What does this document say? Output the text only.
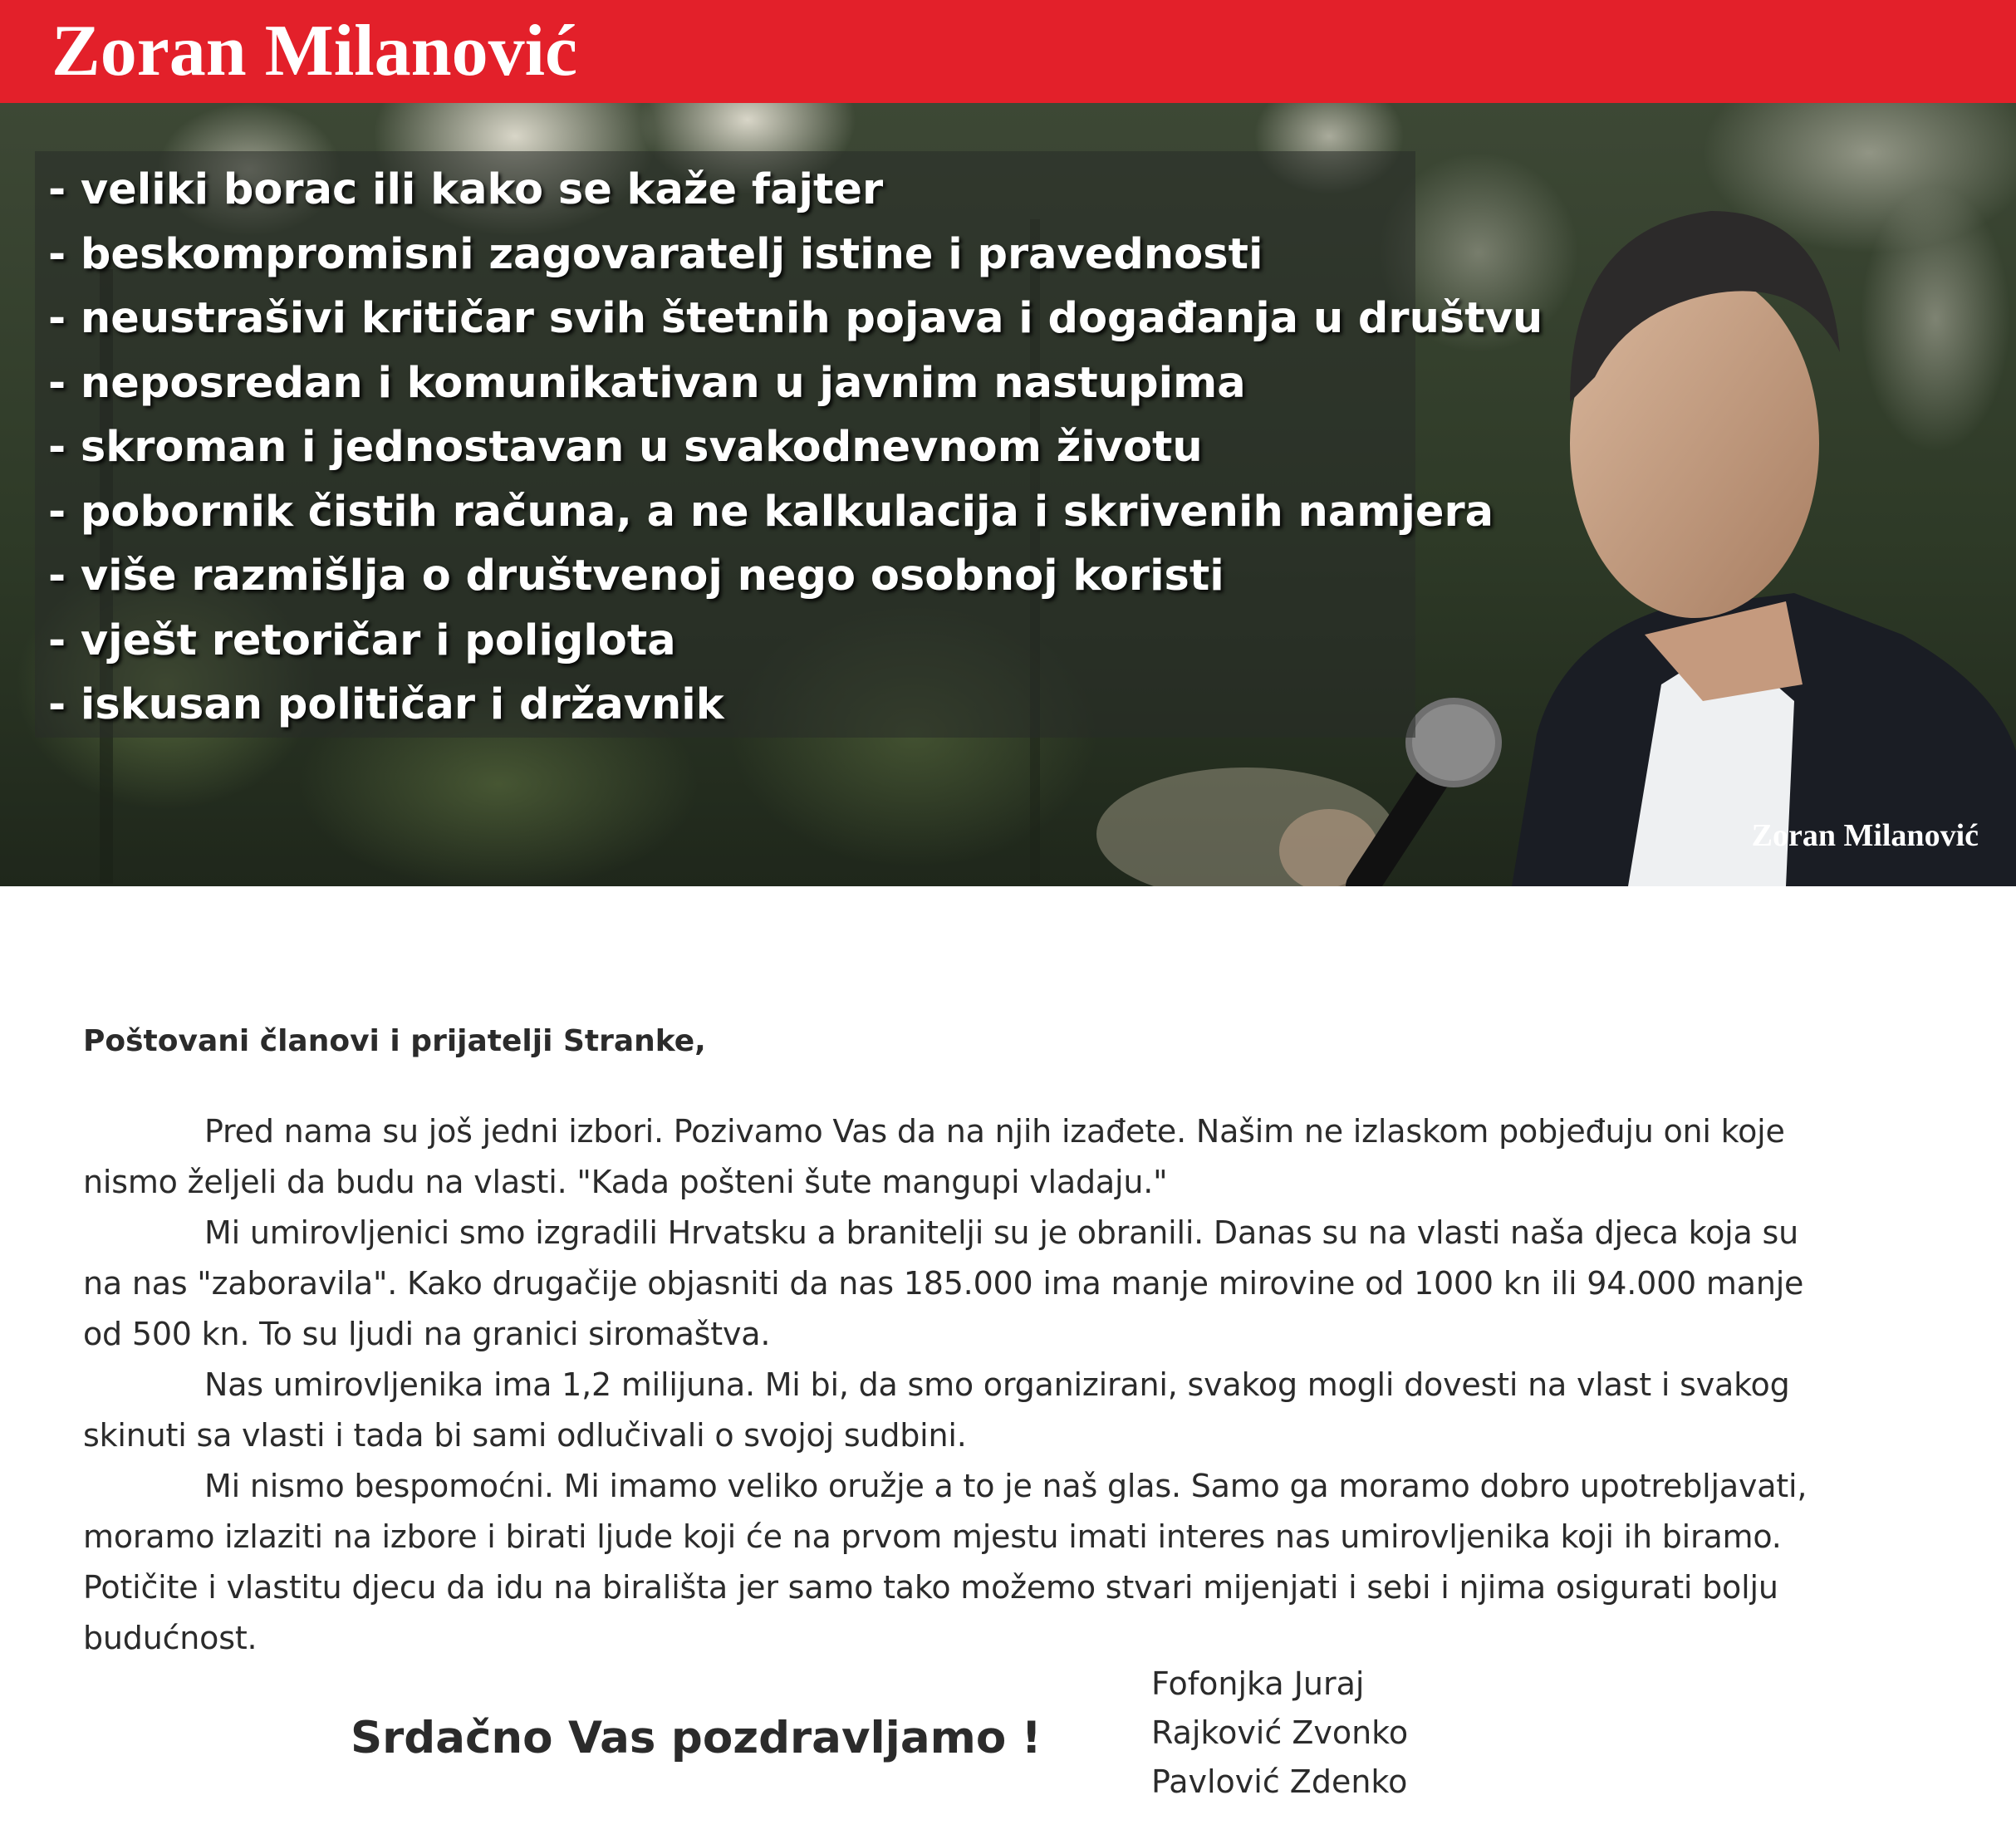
Zoran Milanović
- veliki borac ili kako se kaže fajter
- beskompromisni zagovaratelj istine i pravednosti
- neustrašivi kritičar svih štetnih pojava i događanja u društvu
- neposredan i komunikativan u javnim nastupima
- skroman i jednostavan u svakodnevnom životu
- pobornik čistih računa, a ne kalkulacija i skrivenih namjera
- više razmišlja o društvenoj nego osobnoj koristi
- vješt retoričar i poliglota
- iskusan političar i državnik
Zoran Milanović

Poštovani članovi i prijatelji Stranke,

Pred nama su još jedni izbori. Pozivamo Vas da na njih izađete. Našim ne izlaskom pobjeđuju oni koje nismo željeli da budu na vlasti. "Kada pošteni šute mangupi vladaju."

Mi umirovljenici smo izgradili Hrvatsku a branitelji su je obranili. Danas su na vlasti naša djeca koja su na nas "zaboravila". Kako drugačije objasniti da nas 185.000 ima manje mirovine od 1000 kn ili 94.000 manje od 500 kn. To su ljudi na granici siromaštva.

Nas umirovljenika ima 1,2 milijuna. Mi bi, da smo organizirani, svakog mogli dovesti na vlast i svakog skinuti sa vlasti i tada bi sami odlučivali o svojoj sudbini.

Mi nismo bespomoćni. Mi imamo veliko oružje a to je naš glas. Samo ga moramo dobro upotrebljavati, moramo izlaziti na izbore i birati ljude koji će na prvom mjestu imati interes nas umirovljenika koji ih biramo. Potičite i vlastitu djecu da idu na birališta jer samo tako možemo stvari mijenjati i sebi i njima osigurati bolju budućnost.

Srdačno Vas pozdravljamo !
Fofonjka Juraj
Rajković Zvonko
Pavlović Zdenko
